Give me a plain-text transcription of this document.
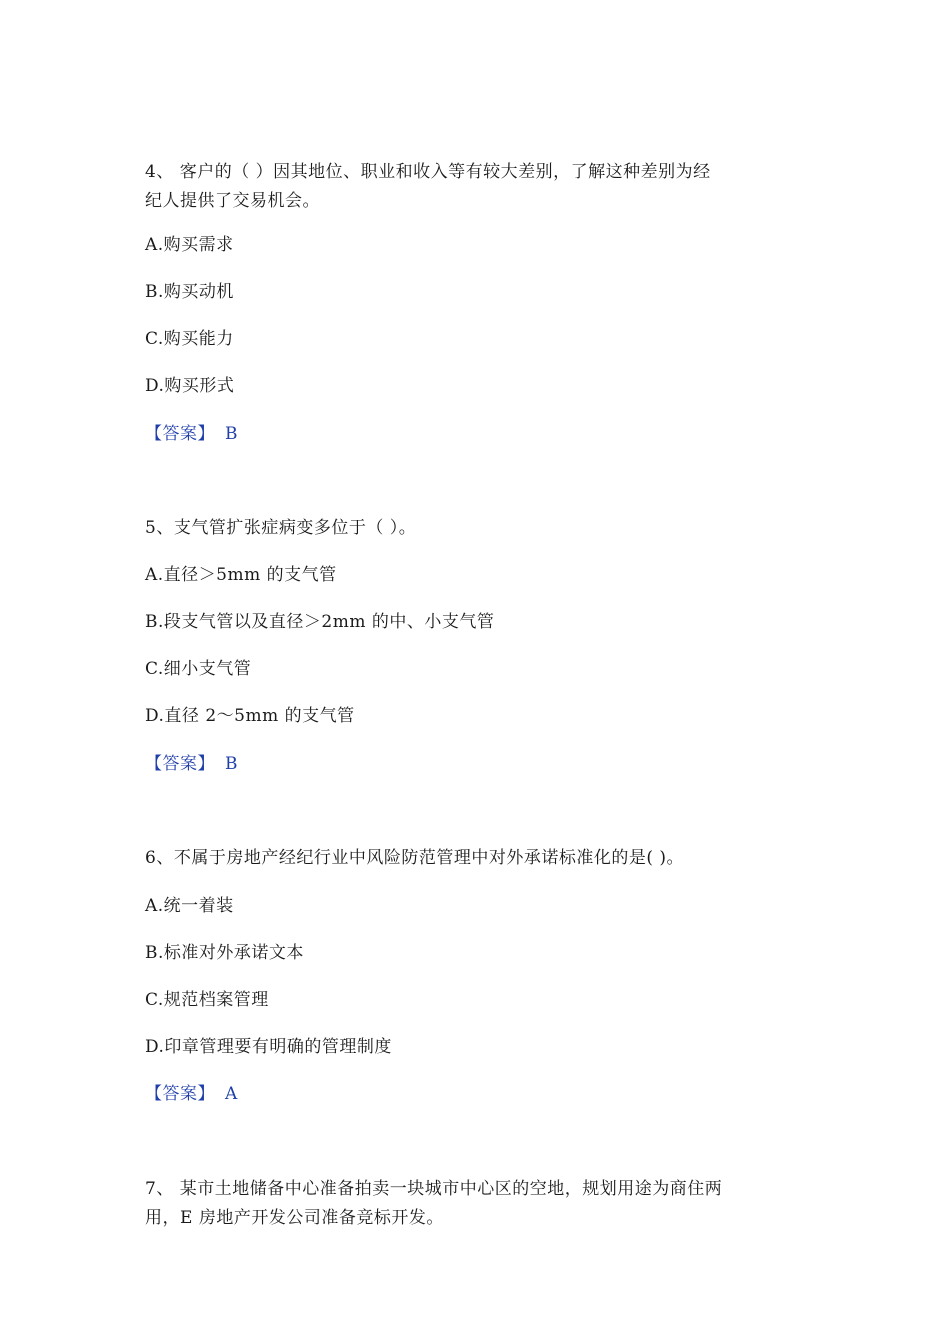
4、 客户的（ ）因其地位、职业和收入等有较大差别，了解这种差别为经
纪人提供了交易机会。
A.购买需求
B.购买动机
C.购买能力
D.购买形式
【答案】 B
5、支气管扩张症病变多位于（ ）。
A.直径＞5mm 的支气管
B.段支气管以及直径＞2mm 的中、小支气管
C.细小支气管
D.直径 2～5mm 的支气管
【答案】 B
6、不属于房地产经纪行业中风险防范管理中对外承诺标准化的是( )。
A.统一着装
B.标准对外承诺文本
C.规范档案管理
D.印章管理要有明确的管理制度
【答案】 A
7、 某市土地储备中心准备拍卖一块城市中心区的空地，规划用途为商住两
用，E 房地产开发公司准备竞标开发。
